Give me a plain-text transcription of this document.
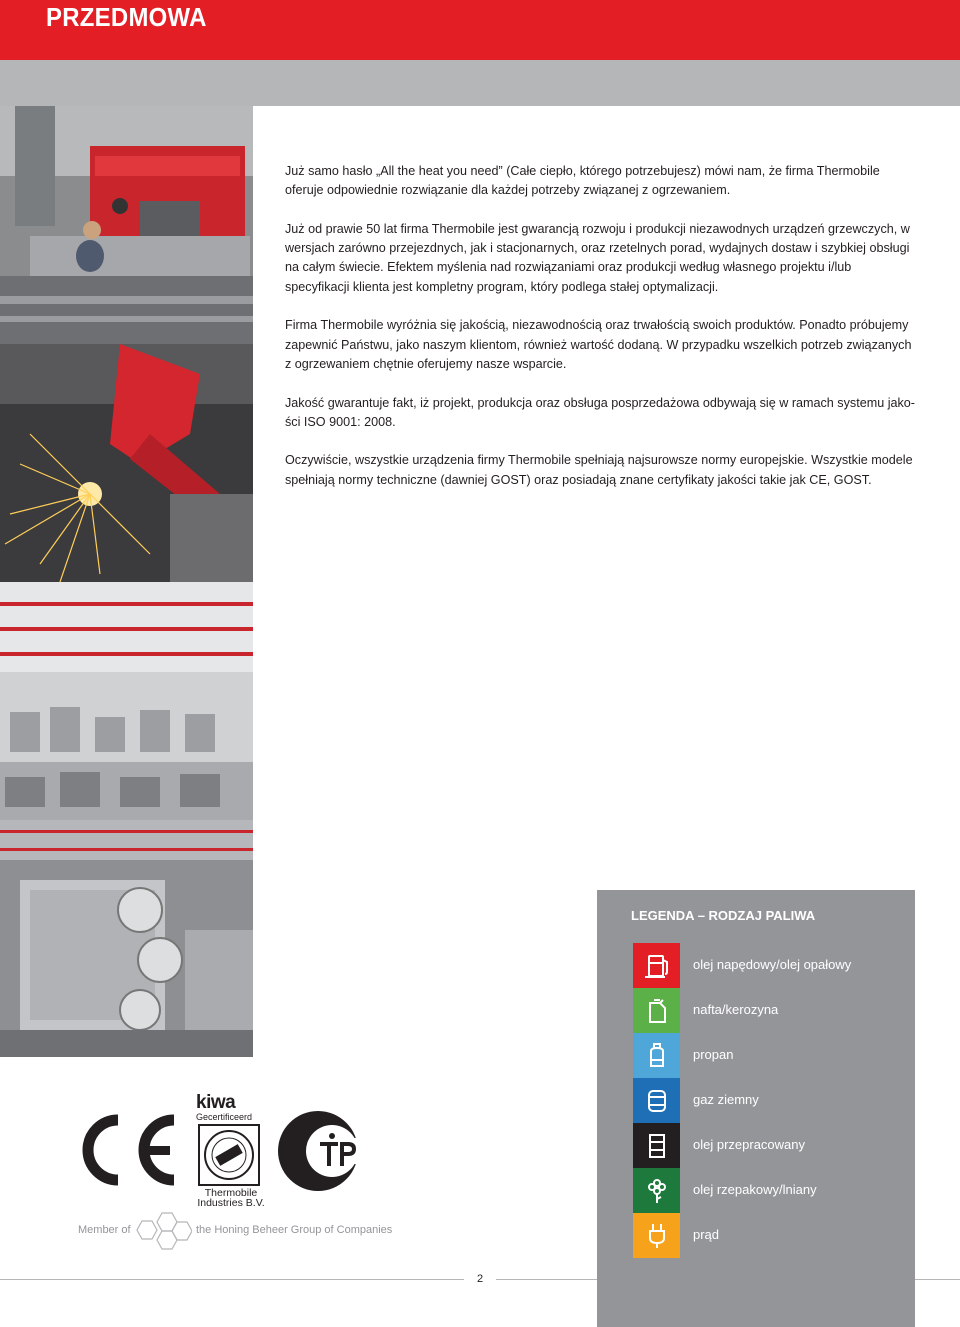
PRZEDMOWA

Już samo hasło „All the heat you need” (Całe ciepło, którego potrzebujesz) mówi nam, że firma Thermobile oferuje odpowiednie rozwiązanie dla każdej potrzeby związanej z ogrzewaniem.

Już od prawie 50 lat firma Thermobile jest gwarancją rozwoju i produkcji niezawodnych urządzeń grzewczych, w wersjach zarówno przejezdnych, jak i stacjonarnych, oraz rzetelnych porad, wydajnych dostaw i szybkiej obsługi na całym świecie. Efektem myślenia nad rozwiązaniami oraz produkcji według własnego projektu i/lub specyfikacji klienta jest kompletny program, który podlega stałej optymalizacji.

Firma Thermobile wyróżnia się jakością, niezawodnością oraz trwałością swoich produktów. Ponadto próbujemy zapewnić Państwu, jako naszym klientom, również wartość dodaną. W przypadku wszelkich potrzeb związanych z ogrzewaniem chętnie oferujemy nasze wsparcie.

Jakość gwarantuje fakt, iż projekt, produkcja oraz obsługa posprzedażowa odbywają się w ramach systemu jako-ści ISO 9001: 2008.

Oczywiście, wszystkie urządzenia firmy Thermobile spełniają najsurowsze normy europejskie. Wszystkie modele spełniają normy techniczne (dawniej GOST) oraz posiadają znane certyfikaty jakości takie jak CE, GOST.

LEGENDA – RODZAJ PALIWA
olej napędowy/olej opałowy
nafta/kerozyna
propan
gaz ziemny
olej przepracowany
olej rzepakowy/lniany
prąd
kiwa
Gecertificeerd
Thermobile
Industries B.V.
Member of	the Honing Beheer Group of Companies
2
